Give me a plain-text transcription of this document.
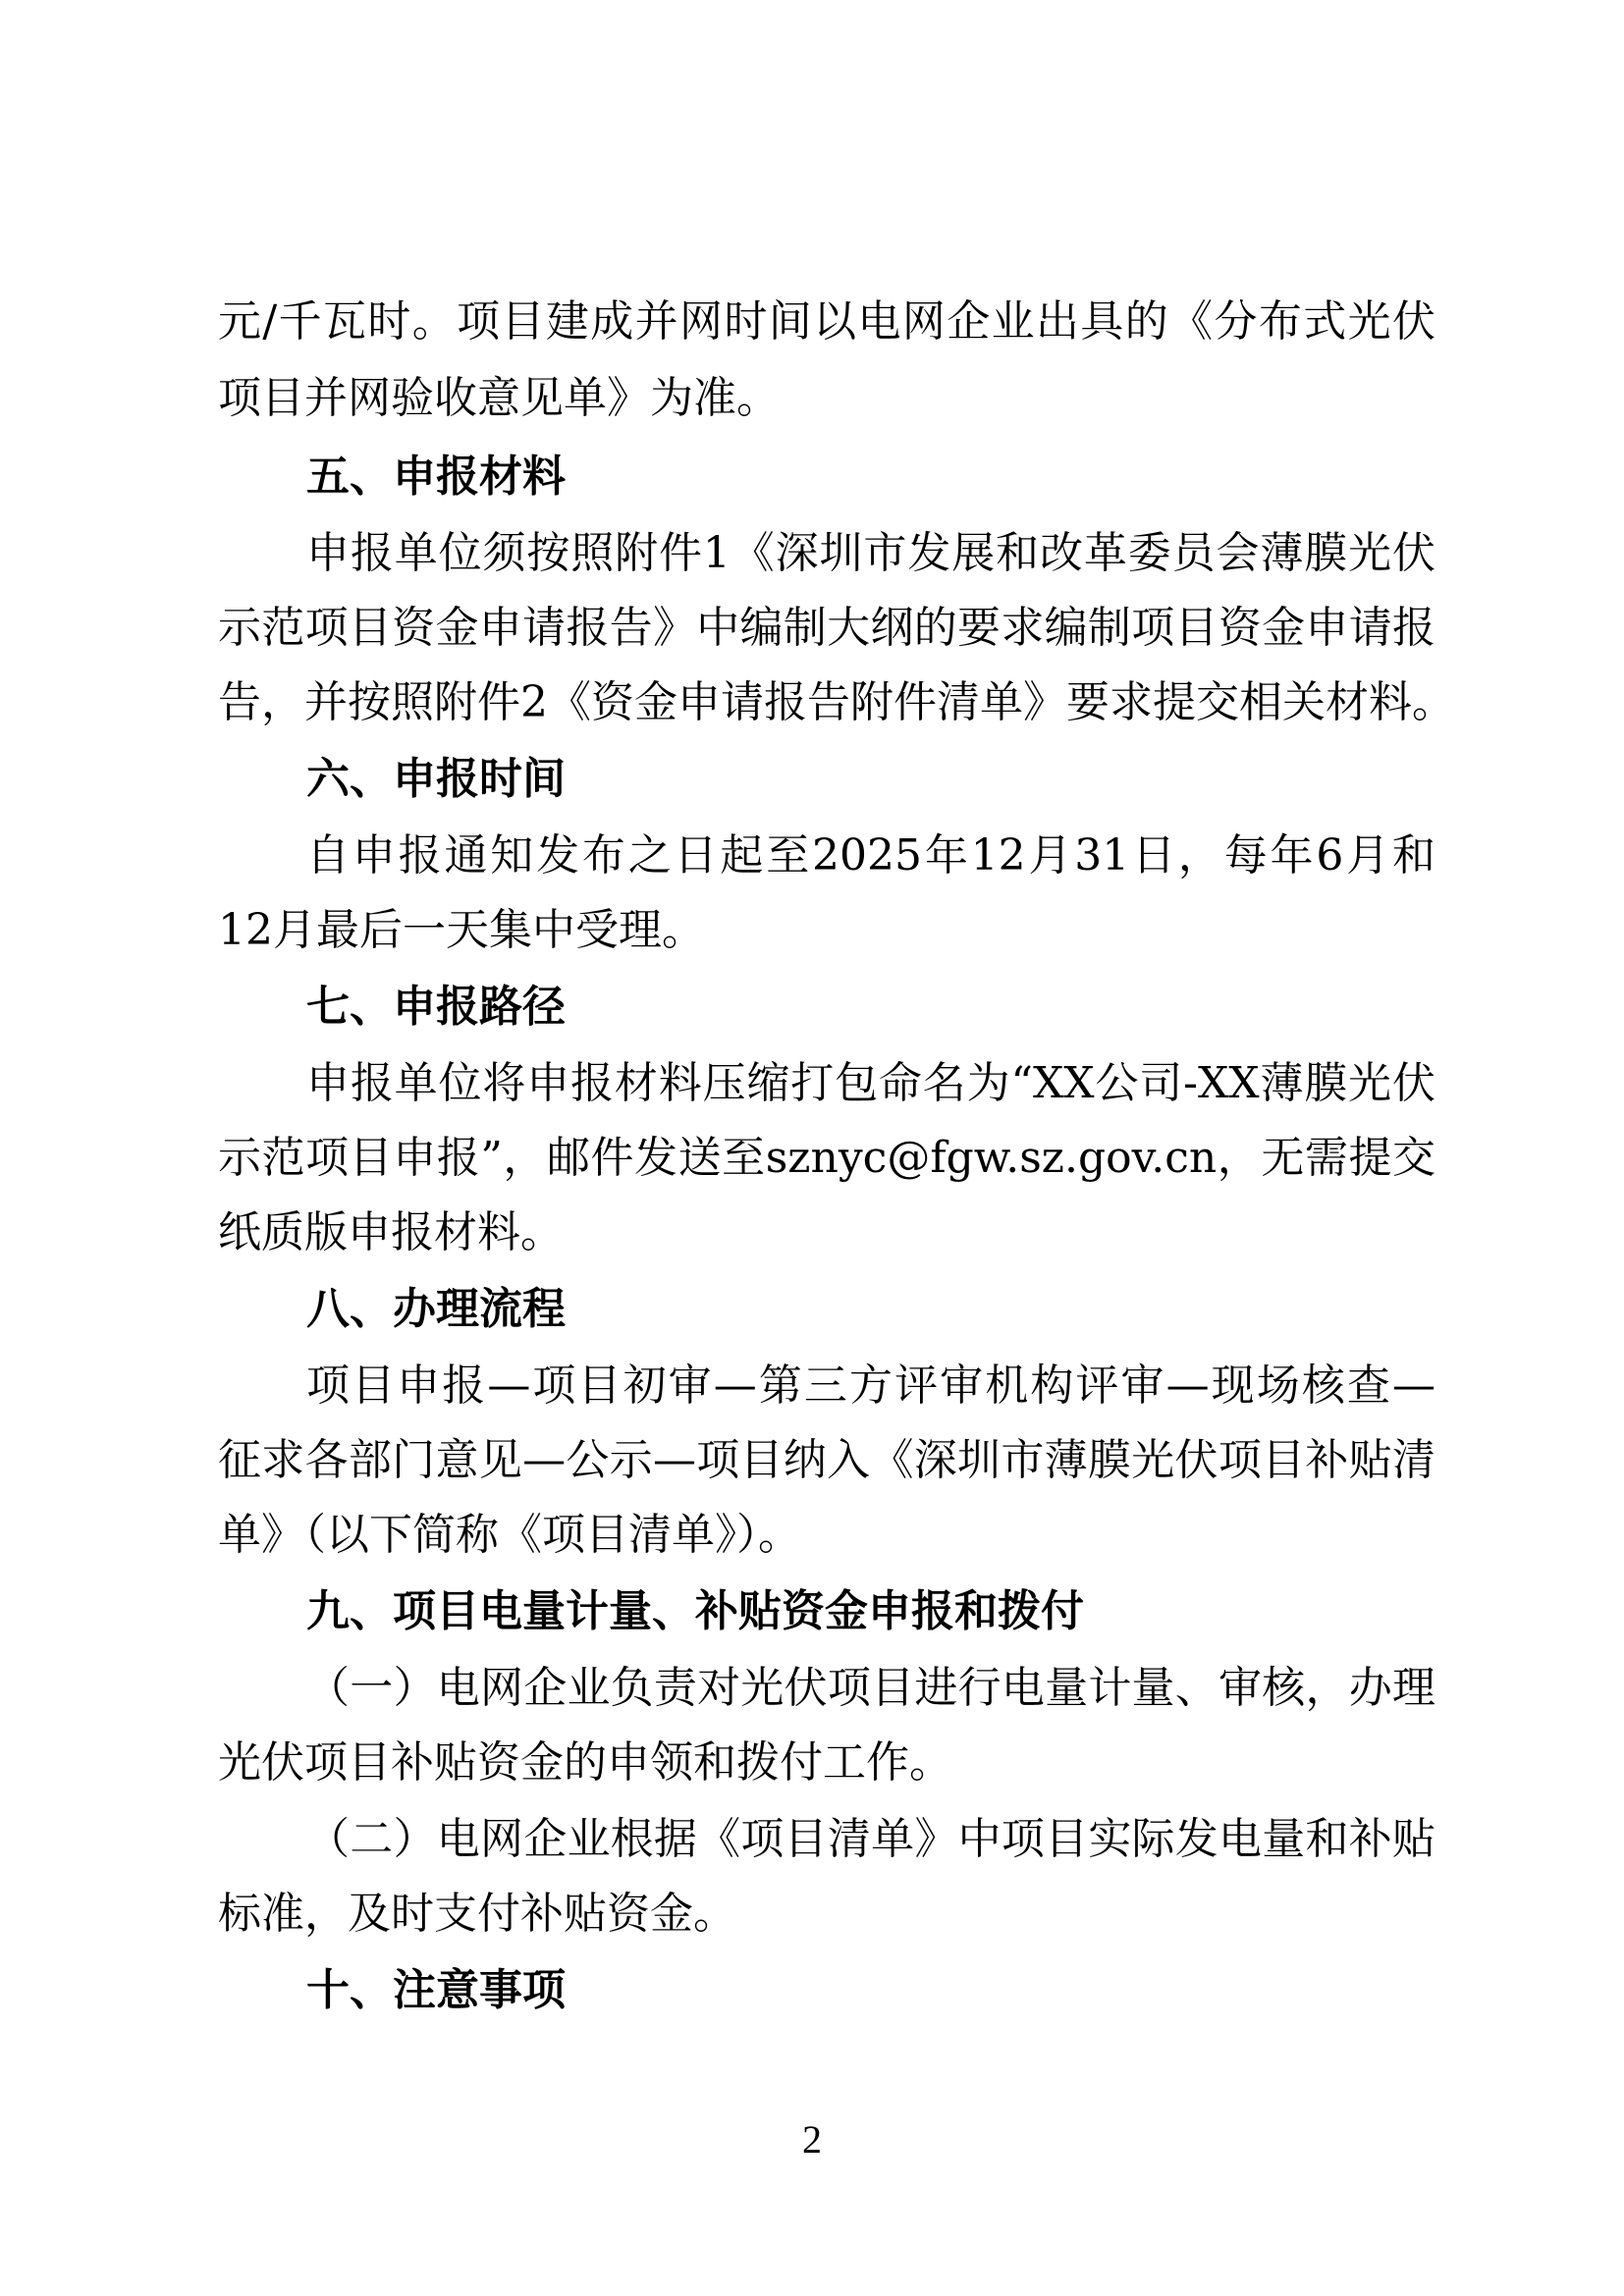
元/千瓦时。项目建成并网时间以电网企业出具的《分布式光伏
项目并网验收意见单》为准。
五、申报材料
申报单位须按照附件1《深圳市发展和改革委员会薄膜光伏
示范项目资金申请报告》中编制大纲的要求编制项目资金申请报
告，并按照附件2《资金申请报告附件清单》要求提交相关材料。
六、申报时间
自申报通知发布之日起至2025年12月31日，每年6月和
12月最后一天集中受理。
七、申报路径
申报单位将申报材料压缩打包命名为“XX公司-XX薄膜光伏
示范项目申报”，邮件发送至sznyc@fgw.sz.gov.cn，无需提交
纸质版申报材料。
八、办理流程
项目申报—项目初审—第三方评审机构评审—现场核查—
征求各部门意见—公示—项目纳入《深圳市薄膜光伏项目补贴清
单》（以下简称《项目清单》）。
九、项目电量计量、补贴资金申报和拨付
（一）电网企业负责对光伏项目进行电量计量、审核，办理
光伏项目补贴资金的申领和拨付工作。
（二）电网企业根据《项目清单》中项目实际发电量和补贴
标准，及时支付补贴资金。
十、注意事项
2
